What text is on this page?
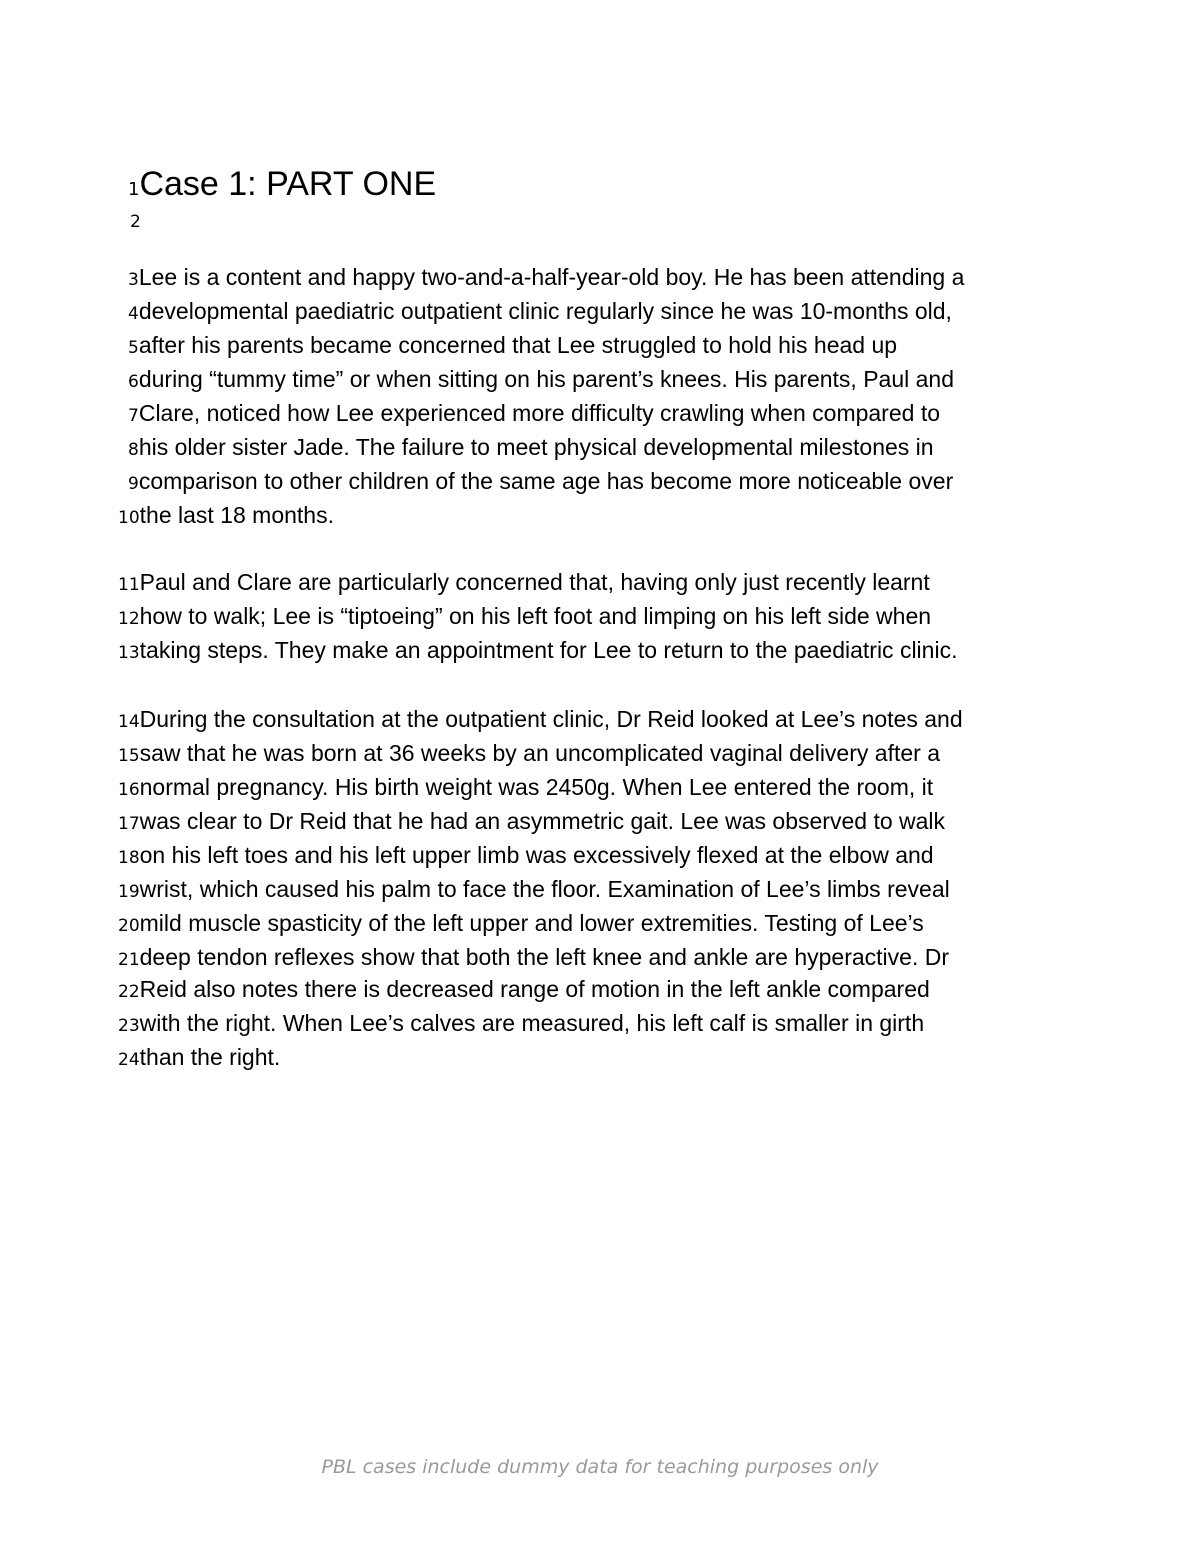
1Case 1: PART ONE
2
3Lee is a content and happy two-and-a-half-year-old boy. He has been attending a
4developmental paediatric outpatient clinic regularly since he was 10-months old,
5after his parents became concerned that Lee struggled to hold his head up
6during “tummy time” or when sitting on his parent’s knees. His parents, Paul and
7Clare, noticed how Lee experienced more difficulty crawling when compared to
8his older sister Jade. The failure to meet physical developmental milestones in
9comparison to other children of the same age has become more noticeable over
10the last 18 months.
11Paul and Clare are particularly concerned that, having only just recently learnt
12how to walk; Lee is “tiptoeing” on his left foot and limping on his left side when
13taking steps. They make an appointment for Lee to return to the paediatric clinic.
14During the consultation at the outpatient clinic, Dr Reid looked at Lee’s notes and
15saw that he was born at 36 weeks by an uncomplicated vaginal delivery after a
16normal pregnancy. His birth weight was 2450g. When Lee entered the room, it
17was clear to Dr Reid that he had an asymmetric gait. Lee was observed to walk
18on his left toes and his left upper limb was excessively flexed at the elbow and
19wrist, which caused his palm to face the floor. Examination of Lee’s limbs reveal
20mild muscle spasticity of the left upper and lower extremities. Testing of Lee’s
21deep tendon reflexes show that both the left knee and ankle are hyperactive. Dr
22Reid also notes there is decreased range of motion in the left ankle compared
23with the right. When Lee’s calves are measured, his left calf is smaller in girth
24than the right.
PBL cases include dummy data for teaching purposes only
